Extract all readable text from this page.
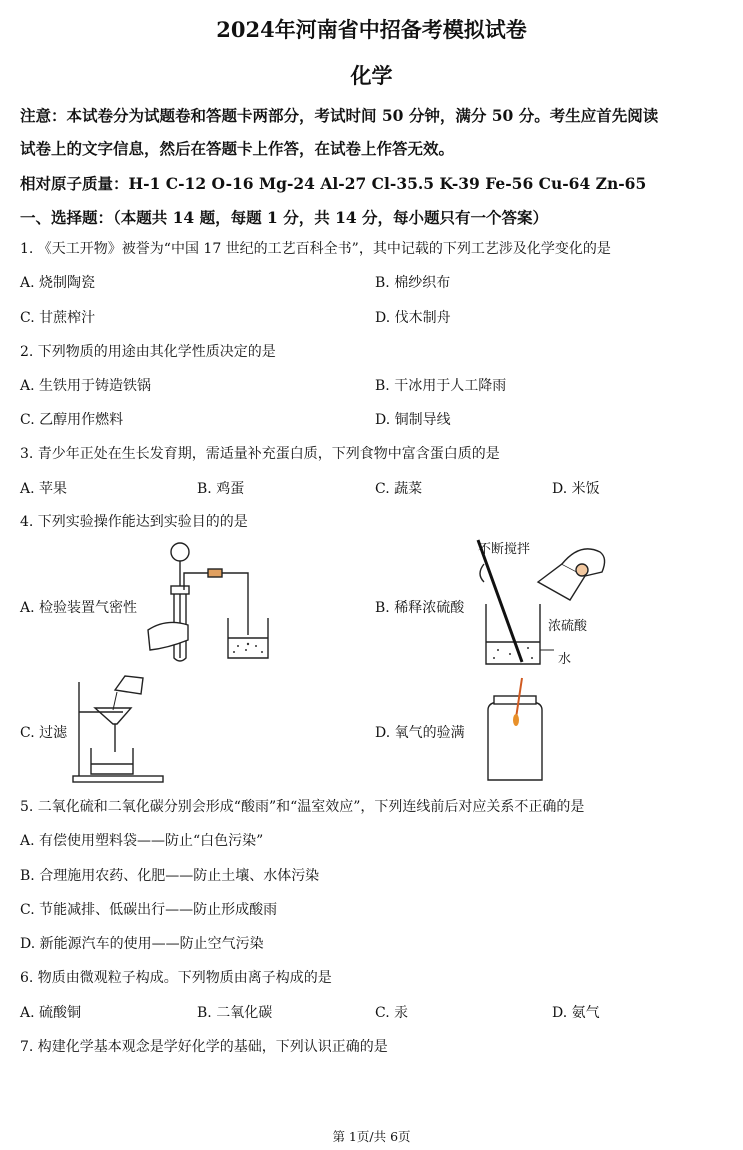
2024年河南省中招备考模拟试卷
化学
注意：本试卷分为试题卷和答题卡两部分，考试时间 50 分钟，满分 50 分。考生应首先阅读
试卷上的文字信息，然后在答题卡上作答，在试卷上作答无效。
相对原子质量：H-1 C-12 O-16 Mg-24 Al-27 Cl-35.5 K-39 Fe-56 Cu-64 Zn-65
一、选择题：（本题共 14 题，每题 1 分，共 14 分，每小题只有一个答案）
1. 《天工开物》被誉为“中国 17 世纪的工艺百科全书”，其中记载的下列工艺涉及化学变化的是
A. 烧制陶瓷	B. 棉纱织布
C. 甘蔗榨汁	D. 伐木制舟
2. 下列物质的用途由其化学性质决定的是
A. 生铁用于铸造铁锅	B. 干冰用于人工降雨
C. 乙醇用作燃料	D. 铜制导线
3. 青少年正处在生长发育期，需适量补充蛋白质，下列食物中富含蛋白质的是
A. 苹果	B. 鸡蛋	C. 蔬菜	D. 米饭
4. 下列实验操作能达到实验目的的是
A. 检验装置气密性	B. 稀释浓硫酸
C. 过滤	D. 氧气的验满
不断搅拌
浓硫酸
水
5. 二氧化硫和二氧化碳分别会形成“酸雨”和“温室效应”，下列连线前后对应关系不正确的是
A. 有偿使用塑料袋——防止“白色污染”
B. 合理施用农药、化肥——防止土壤、水体污染
C. 节能减排、低碳出行——防止形成酸雨
D. 新能源汽车的使用——防止空气污染
6. 物质由微观粒子构成。下列物质由离子构成的是
A. 硫酸铜	B. 二氧化碳	C. 汞	D. 氨气
7. 构建化学基本观念是学好化学的基础，下列认识正确的是
第 1页/共 6页
